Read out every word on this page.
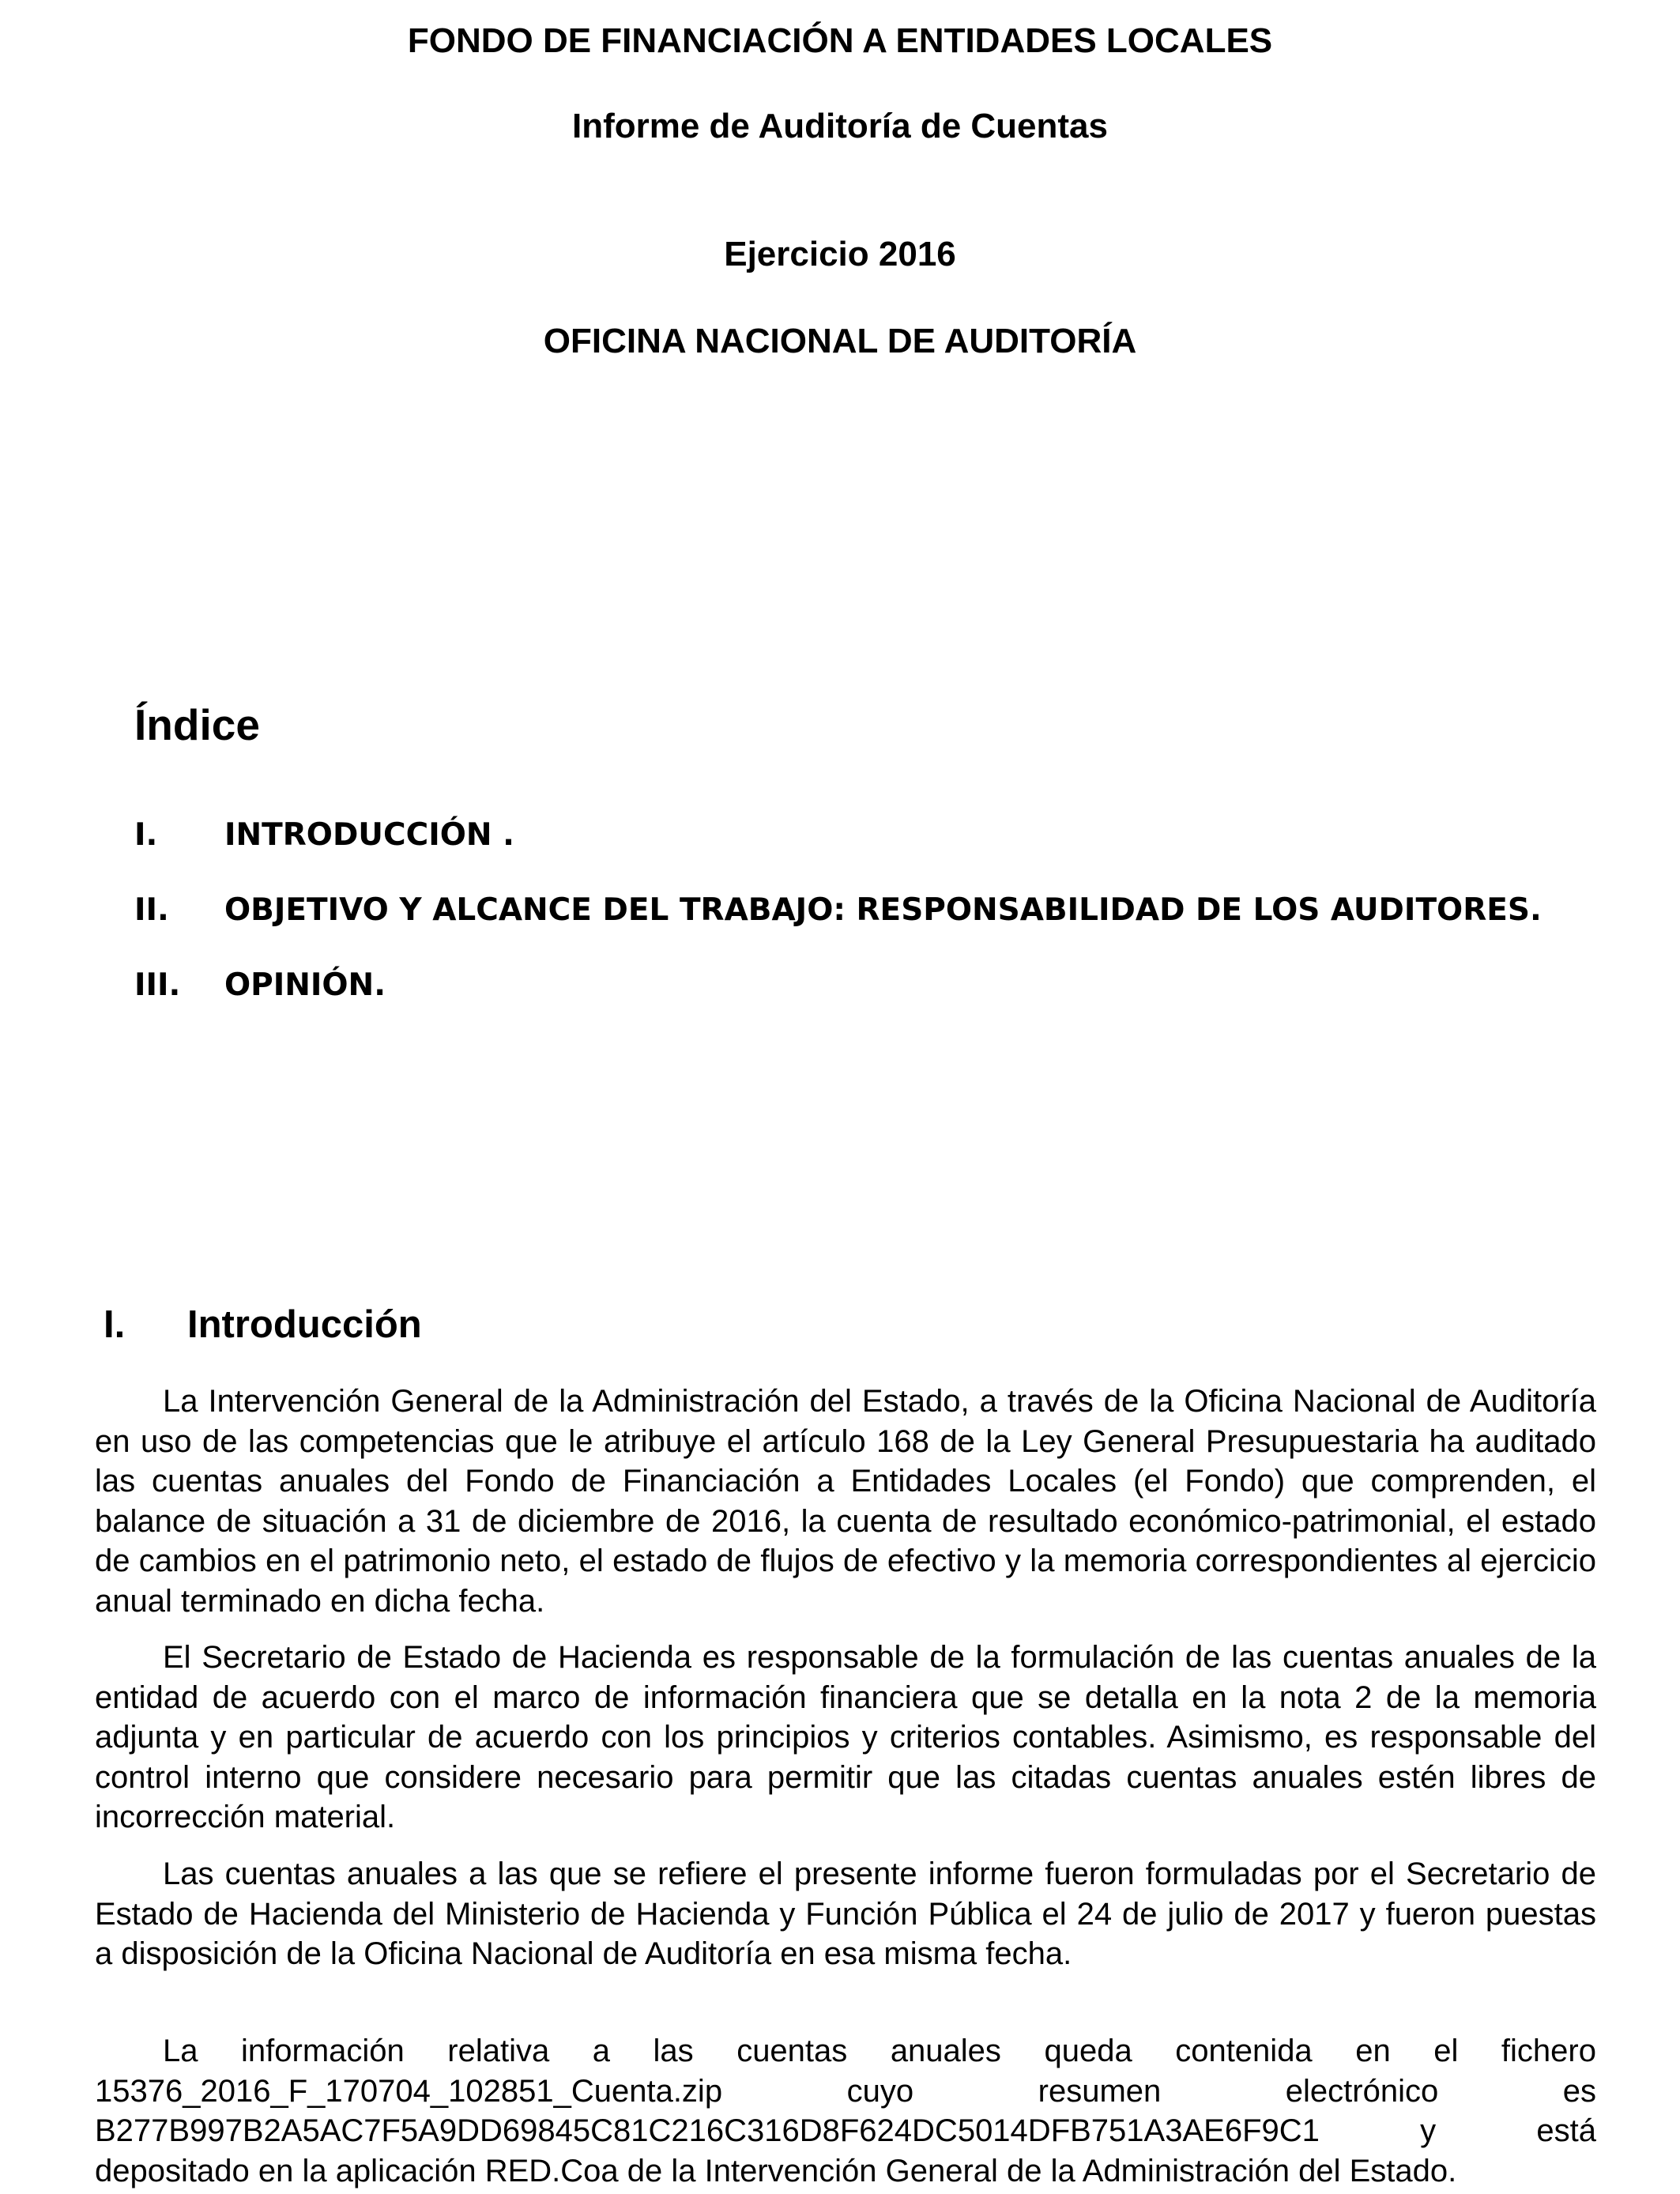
FONDO DE FINANCIACIÓN A ENTIDADES LOCALES
Informe de Auditoría de Cuentas
Ejercicio 2016
OFICINA NACIONAL DE AUDITORÍA
Índice
I. INTRODUCCIÓN .
II. OBJETIVO Y ALCANCE DEL TRABAJO: RESPONSABILIDAD DE LOS AUDITORES.
III. OPINIÓN.
I. Introducción

La Intervención General de la Administración del Estado, a través de la Oficina Nacional de Auditoría en uso de las competencias que le atribuye el artículo 168 de la Ley General Presupuestaria ha auditado las cuentas anuales del Fondo de Financiación a Entidades Locales (el Fondo) que comprenden, el balance de situación a 31 de diciembre de 2016, la cuenta de resultado económico-patrimonial, el estado de cambios en el patrimonio neto, el estado de flujos de efectivo y la memoria correspondientes al ejercicio anual terminado en dicha fecha.

El Secretario de Estado de Hacienda es responsable de la formulación de las cuentas anuales de la entidad de acuerdo con el marco de información financiera que se detalla en la nota 2 de la memoria adjunta y en particular de acuerdo con los principios y criterios contables. Asimismo, es responsable del control interno que considere necesario para permitir que las citadas cuentas anuales estén libres de incorrección material.

Las cuentas anuales a las que se refiere el presente informe fueron formuladas por el Secretario de Estado de Hacienda del Ministerio de Hacienda y Función Pública el 24 de julio de 2017 y fueron puestas a disposición de la Oficina Nacional de Auditoría en esa misma fecha.

La información relativa a las cuentas anuales queda contenida en el fichero
15376_2016_F_170704_102851_Cuenta.zip	cuyo	resumen	electrónico	es
B277B997B2A5AC7F5A9DD69845C81C216C316D8F624DC5014DFB751A3AE6F9C1	y	está
depositado en la aplicación RED.Coa de la Intervención General de la Administración del Estado.
